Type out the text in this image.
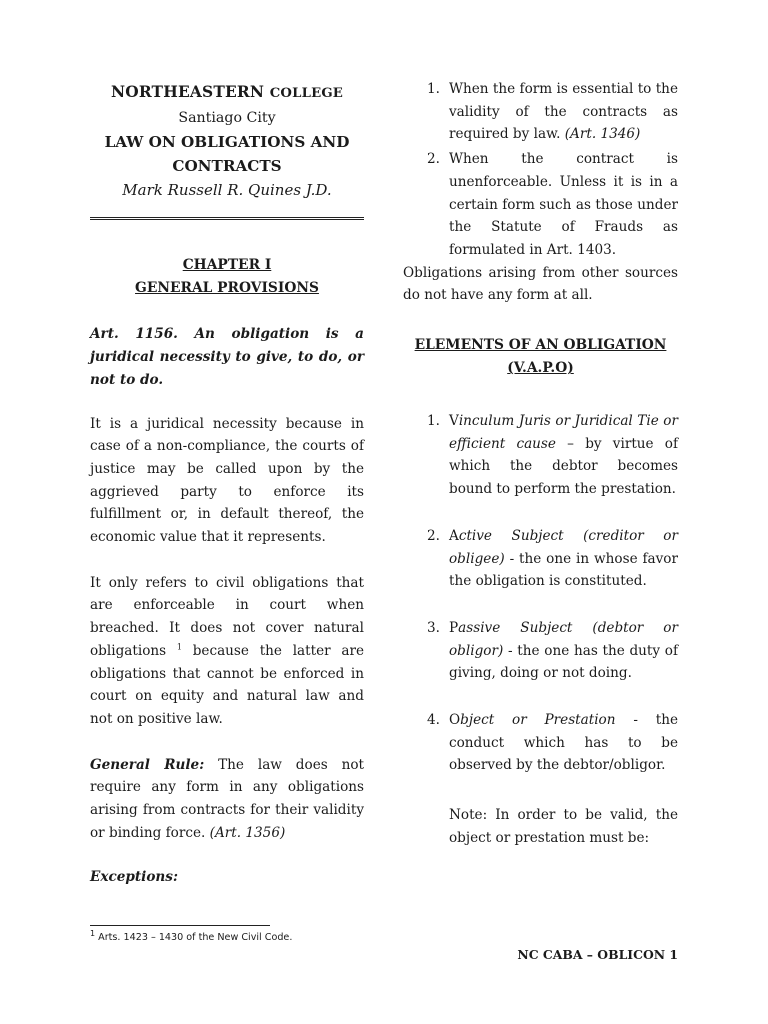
NORTHEASTERN COLLEGE
Santiago City
LAW ON OBLIGATIONS AND
CONTRACTS
Mark Russell R. Quines J.D.
CHAPTER I
GENERAL PROVISIONS

Art. 1156. An obligation is a juridical necessity to give, to do, or not to do.

It is a juridical necessity because in case of a non-compliance, the courts of justice may be called upon by the aggrieved party to enforce its fulfillment or, in default thereof, the economic value that it represents.

It only refers to civil obligations that are enforceable in court when breached. It does not cover natural obligations $^1$ because the latter are obligations that cannot be enforced in court on equity and natural law and not on positive law.

General Rule: The law does not require any form in any obligations arising from contracts for their validity or binding force. (Art. 1356)

Exceptions:

1. When the form is essential to the validity of the contracts as required by law. (Art. 1346)
2. When the contract is unenforceable. Unless it is in a certain form such as those under the Statute of Frauds as formulated in Art. 1403.

Obligations arising from other sources do not have any form at all.

ELEMENTS OF AN OBLIGATION
(V.A.P.O)
1. Vinculum Juris or Juridical Tie or efficient cause – by virtue of which the debtor becomes bound to perform the prestation.
2. Active Subject (creditor or obligee) - the one in whose favor the obligation is constituted.
3. Passive Subject (debtor or obligor) - the one has the duty of giving, doing or not doing.
4. Object or Prestation - the conduct which has to be observed by the debtor/obligor.

Note: In order to be valid, the object or prestation must be:

$^1$ Arts. 1423 – 1430 of the New Civil Code.
NC CABA – OBLICON 1
